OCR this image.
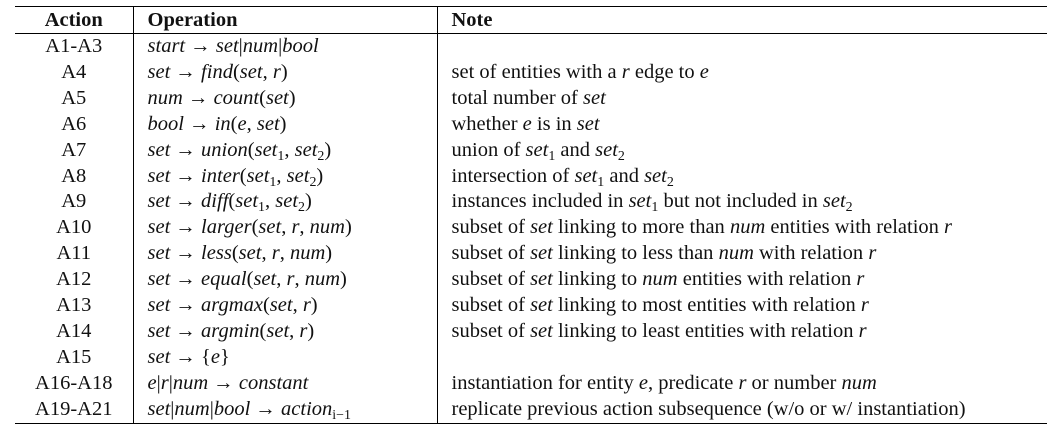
Action	Operation	Note
A1-A3	start → set|num|bool	
A4	set → find(set, r)	set of entities with a r edge to e
A5	num → count(set)	total number of set
A6	bool → in(e, set)	whether e is in set
A7	set → union(set$_1$, set$_2$)	union of set$_1$ and set$_2$
A8	set → inter(set$_1$, set$_2$)	intersection of set$_1$ and set$_2$
A9	set → diff(set$_1$, set$_2$)	instances included in set$_1$ but not included in set$_2$
A10	set → larger(set, r, num)	subset of set linking to more than num entities with relation r
A11	set → less(set, r, num)	subset of set linking to less than num with relation r
A12	set → equal(set, r, num)	subset of set linking to num entities with relation r
A13	set → argmax(set, r)	subset of set linking to most entities with relation r
A14	set → argmin(set, r)	subset of set linking to least entities with relation r
A15	set → {e}	
A16-A18	e|r|num → constant	instantiation for entity e, predicate r or number num
A19-A21	set|num|bool → action$_{i-1}$	replicate previous action subsequence (w/o or w/ instantiation)
